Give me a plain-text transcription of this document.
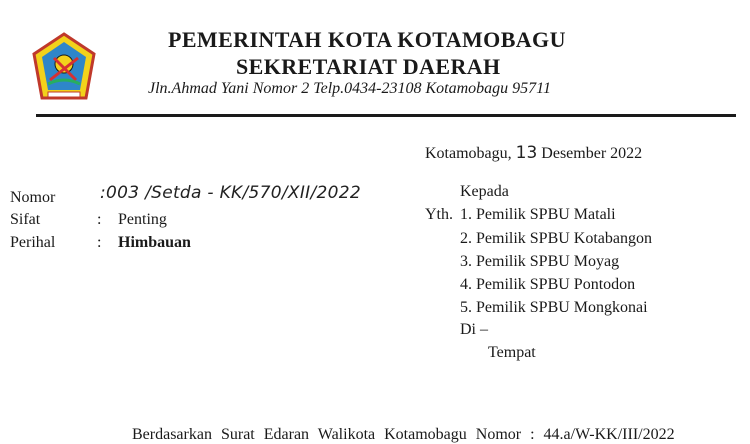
PEMERINTAH KOTA KOTAMOBAGU
SEKRETARIAT DAERAH
Jln.Ahmad Yani Nomor 2 Telp.0434-23108 Kotamobagu 95711
Kotamobagu, 13 Desember 2022
Nomor	:003 /Setda - KK/570/XII/2022
Sifat	: Penting
Perihal	: Himbauan
Kepada
Yth. 1. Pemilik SPBU Matali
2. Pemilik SPBU Kotabangon
3. Pemilik SPBU Moyag
4. Pemilik SPBU Pontodon
5. Pemilik SPBU Mongkonai
Di –
Tempat
Berdasarkan Surat Edaran Walikota Kotamobagu Nomor : 44.a/W-KK/III/2022
